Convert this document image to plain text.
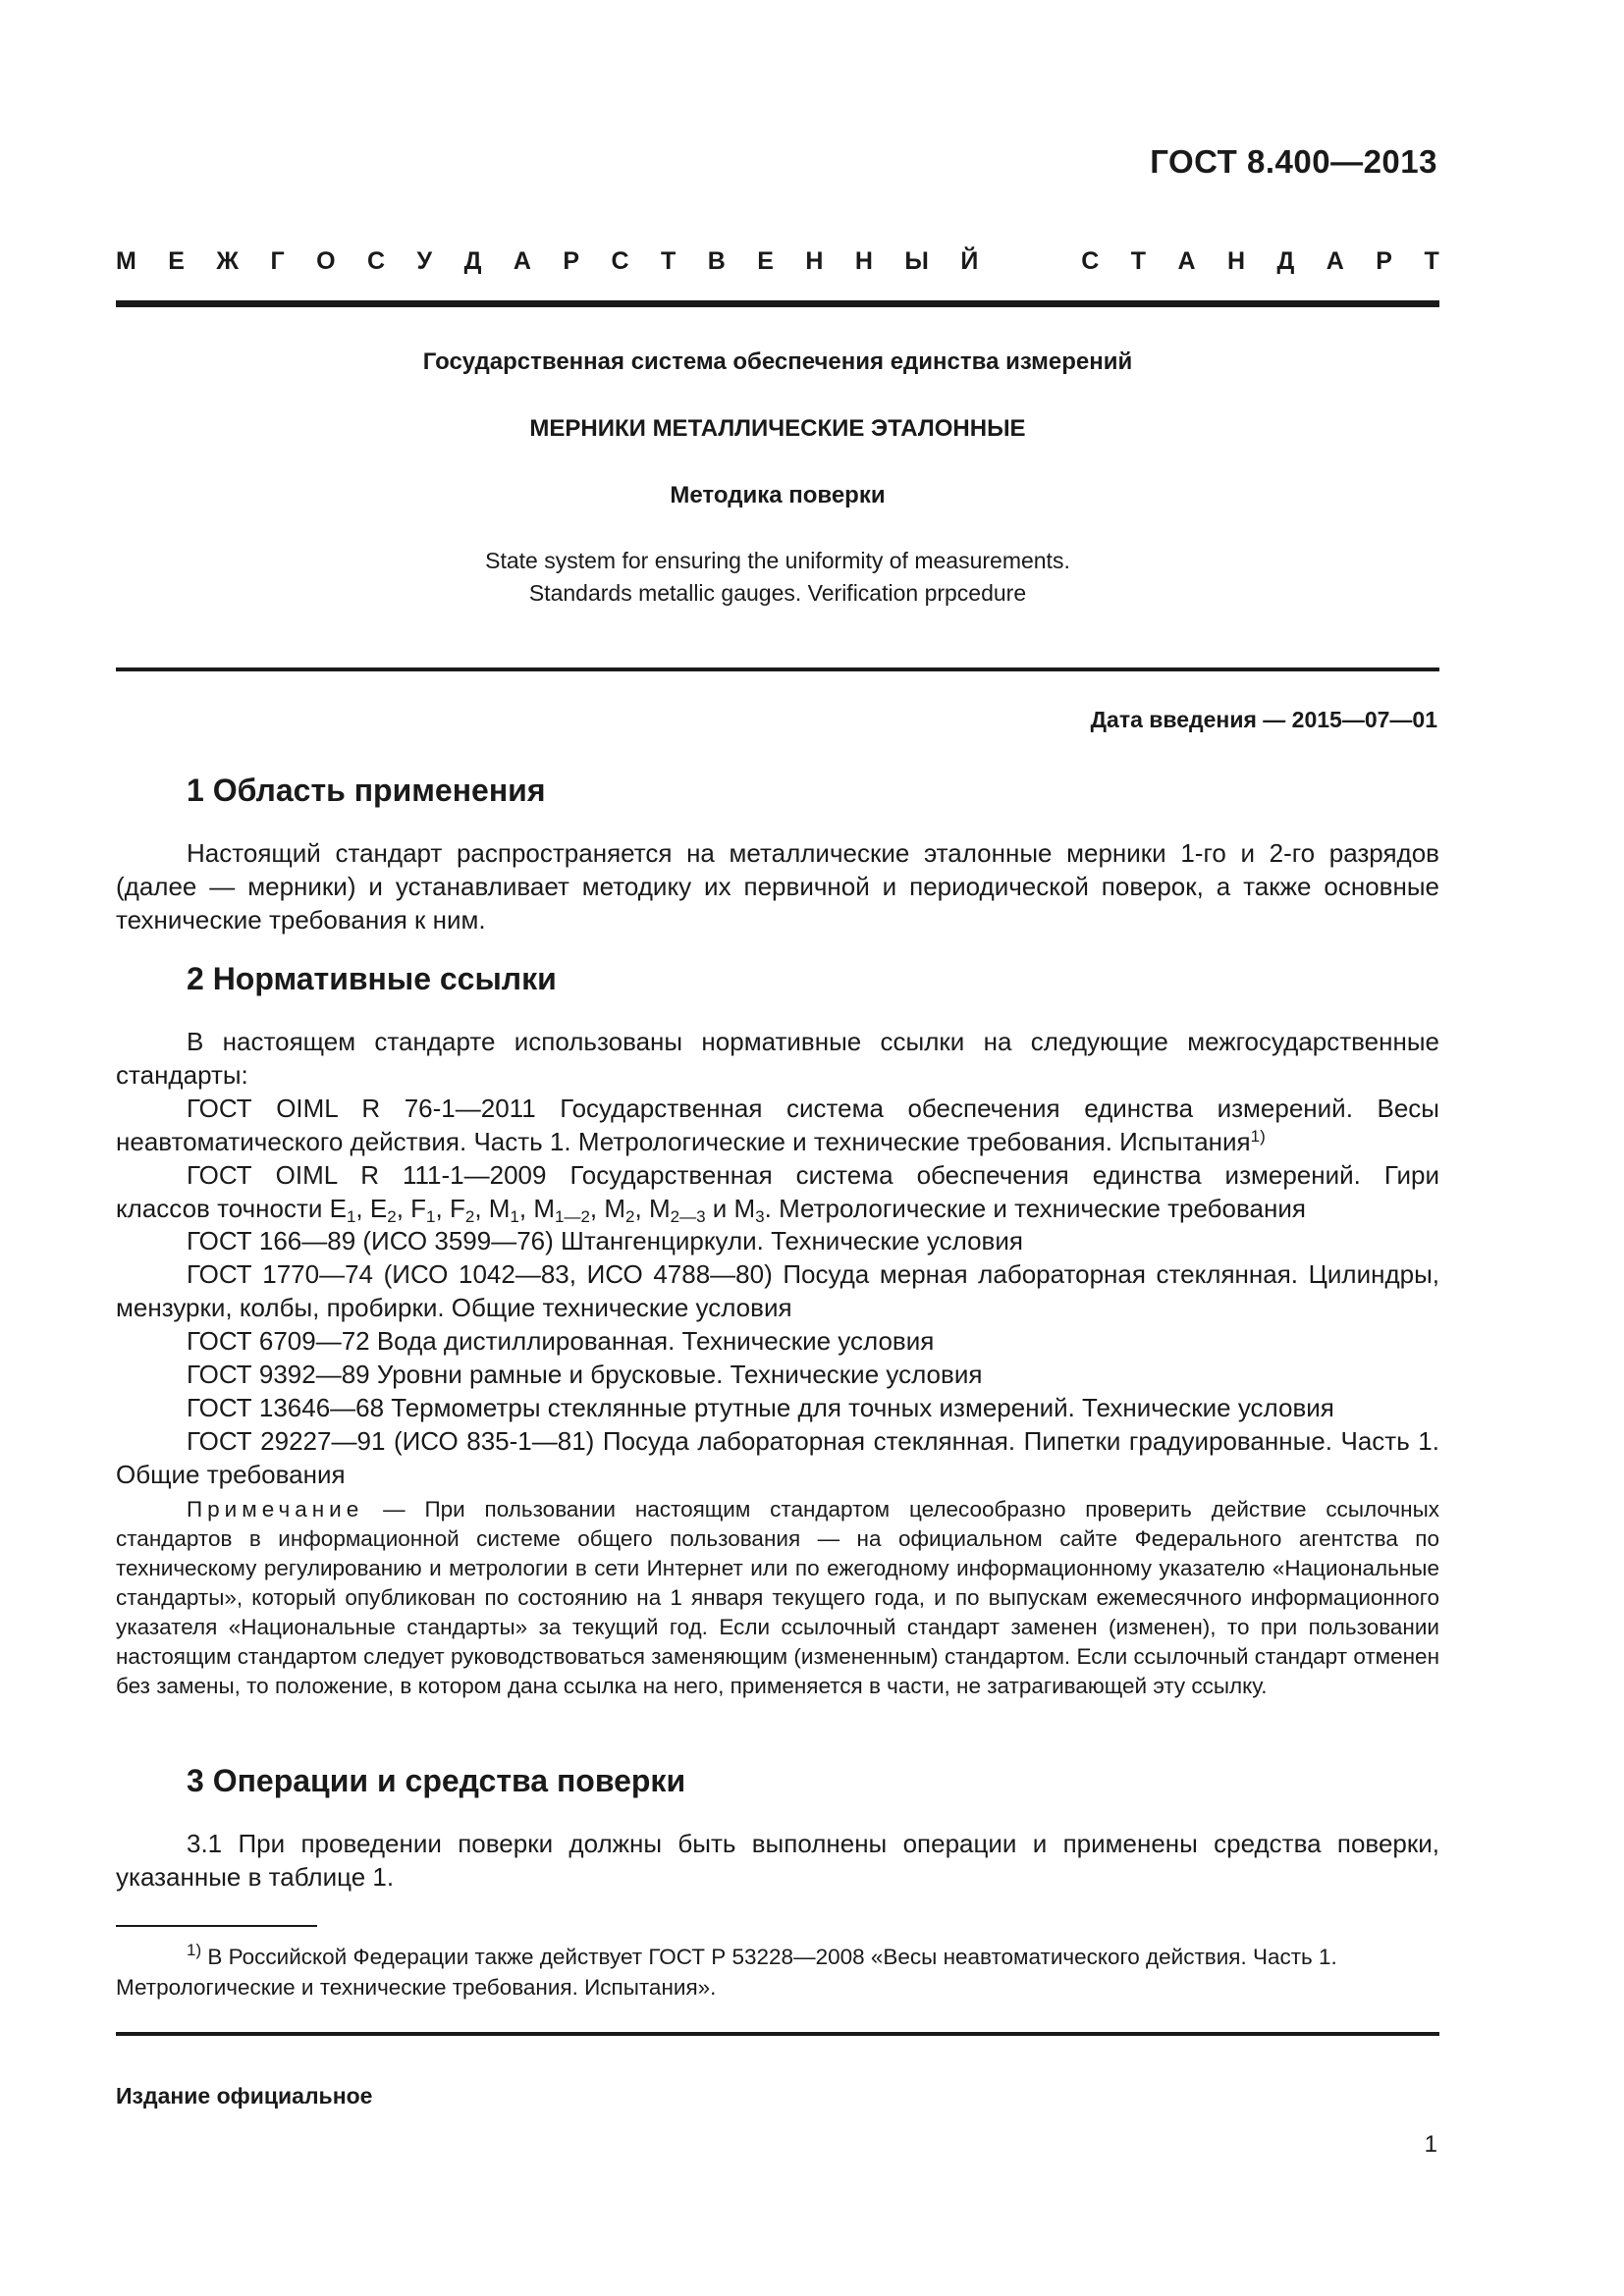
ГОСТ 8.400—2013
М Е Ж Г О С У Д А Р С Т В Е Н Н Ы Й	С Т А Н Д А Р Т
Государственная система обеспечения единства измерений
МЕРНИКИ МЕТАЛЛИЧЕСКИЕ ЭТАЛОННЫЕ
Методика поверки
State system for ensuring the uniformity of measurements.
Standards metallic gauges. Verification prpcedure
Дата введения — 2015—07—01
1 Область применения
Настоящий стандарт распространяется на металлические эталонные мерники 1-го и 2-го разрядов (далее — мерники) и устанавливает методику их первичной и периодической поверок, а также основные технические требования к ним.
2 Нормативные ссылки
В настоящем стандарте использованы нормативные ссылки на следующие межгосударственные стандарты:
ГОСТ OIML R 76-1—2011 Государственная система обеспечения единства измерений. Весы неавтоматического действия. Часть 1. Метрологические и технические требования. Испытания$^{1)}$
ГОСТ OIML R 111-1—2009 Государственная система обеспечения единства измерений. Гири
классов точности $E_1$, $E_2$, $F_1$, $F_2$, $M_1$, $M_{1—2}$, $M_2$, $M_{2—3}$ и $M_3$. Метрологические и технические требования
ГОСТ 166—89 (ИСО 3599—76) Штангенциркули. Технические условия
ГОСТ 1770—74 (ИСО 1042—83, ИСО 4788—80) Посуда мерная лабораторная стеклянная. Цилиндры, мензурки, колбы, пробирки. Общие технические условия
ГОСТ 6709—72 Вода дистиллированная. Технические условия
ГОСТ 9392—89 Уровни рамные и брусковые. Технические условия
ГОСТ 13646—68 Термометры стеклянные ртутные для точных измерений. Технические условия
ГОСТ 29227—91 (ИСО 835-1—81) Посуда лабораторная стеклянная. Пипетки градуированные. Часть 1. Общие требования
Примечание — При пользовании настоящим стандартом целесообразно проверить действие ссылочных стандартов в информационной системе общего пользования — на официальном сайте Федерального агентства по техническому регулированию и метрологии в сети Интернет или по ежегодному информационному указателю «Национальные стандарты», который опубликован по состоянию на 1 января текущего года, и по выпускам ежемесячного информационного указателя «Национальные стандарты» за текущий год. Если ссылочный стандарт заменен (изменен), то при пользовании настоящим стандартом следует руководствоваться заменяющим (измененным) стандартом. Если ссылочный стандарт отменен без замены, то положение, в котором дана ссылка на него, применяется в части, не затрагивающей эту ссылку.
3 Операции и средства поверки
3.1 При проведении поверки должны быть выполнены операции и применены средства поверки, указанные в таблице 1.
$^{1)}$ В Российской Федерации также действует ГОСТ Р 53228—2008 «Весы неавтоматического действия. Часть 1. Метрологические и технические требования. Испытания».
Издание официальное
1
